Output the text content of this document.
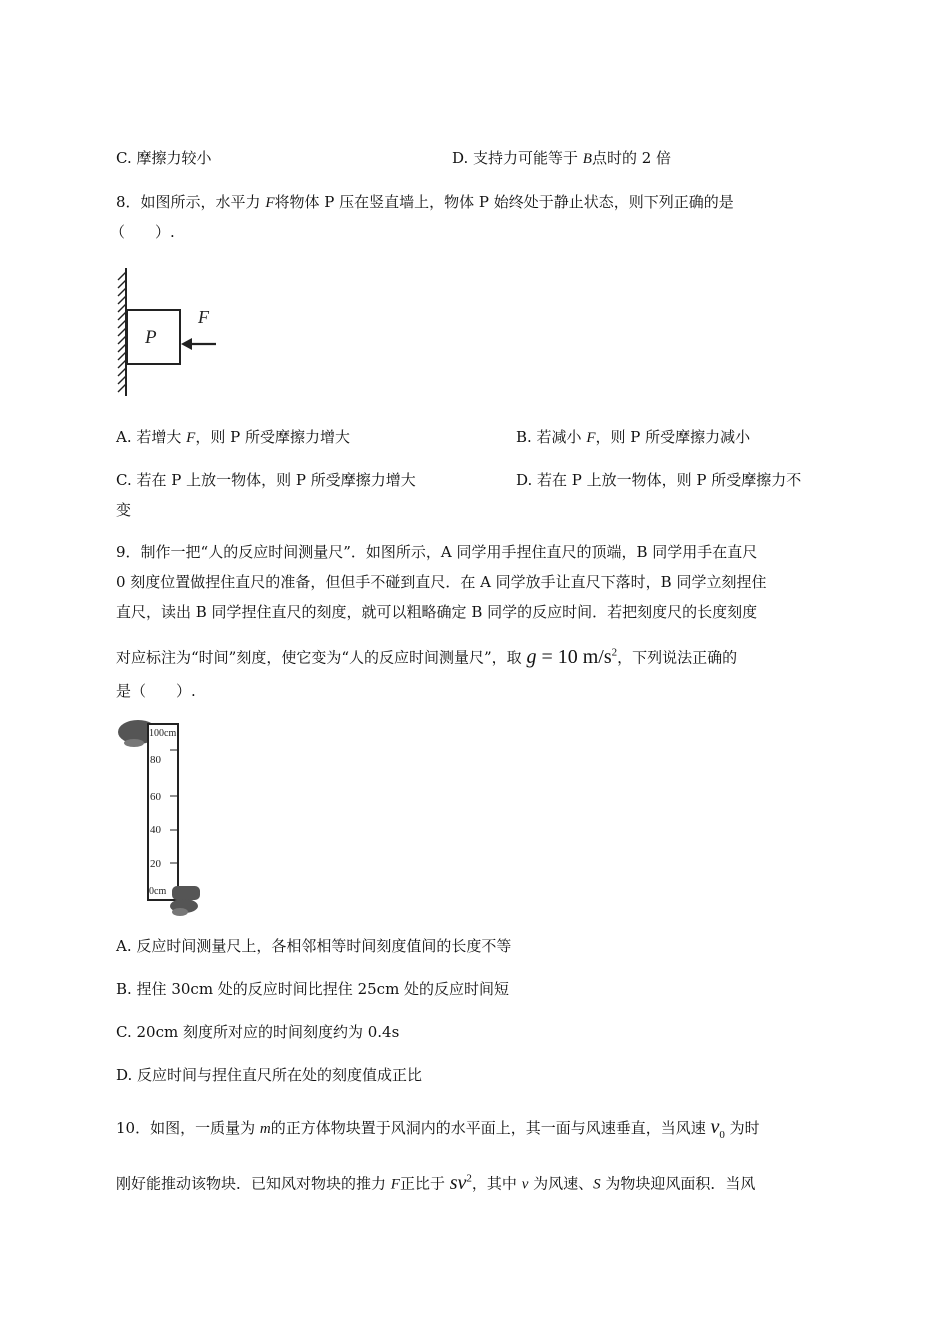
C. 摩擦力较小	D. 支持力可能等于 B点时的 2 倍
8．如图所示，水平力 F将物体 P 压在竖直墙上，物体 P 始终处于静止状态，则下列正确的是
（　　）.
P
F
A. 若增大 F，则 P 所受摩擦力增大	B. 若减小 F，则 P 所受摩擦力减小
C. 若在 P 上放一物体，则 P 所受摩擦力增大	D. 若在 P 上放一物体，则 P 所受摩擦力不
变
9．制作一把“人的反应时间测量尺”．如图所示，A 同学用手捏住直尺的顶端，B 同学用手在直尺
0 刻度位置做捏住直尺的准备，但但手不碰到直尺．在 A 同学放手让直尺下落时，B 同学立刻捏住
直尺，读出 B 同学捏住直尺的刻度，就可以粗略确定 B 同学的反应时间．若把刻度尺的长度刻度
对应标注为“时间”刻度，使它变为“人的反应时间测量尺”，取 g = 10 $m/s^2$，下列说法正确的
是（　　）.
100cm
80
60
40
20
0cm
A. 反应时间测量尺上，各相邻相等时间刻度值间的长度不等
B. 捏住 30cm 处的反应时间比捏住 25cm 处的反应时间短
C. 20cm 刻度所对应的时间刻度约为 0.4s
D. 反应时间与捏住直尺所在处的刻度值成正比
10．如图，一质量为 m的正方体物块置于风洞内的水平面上，其一面与风速垂直，当风速 $v_0$ 为时
刚好能推动该物块．已知风对物块的推力 F正比于 $sv^2$，其中 v 为风速、S 为物块迎风面积．当风
